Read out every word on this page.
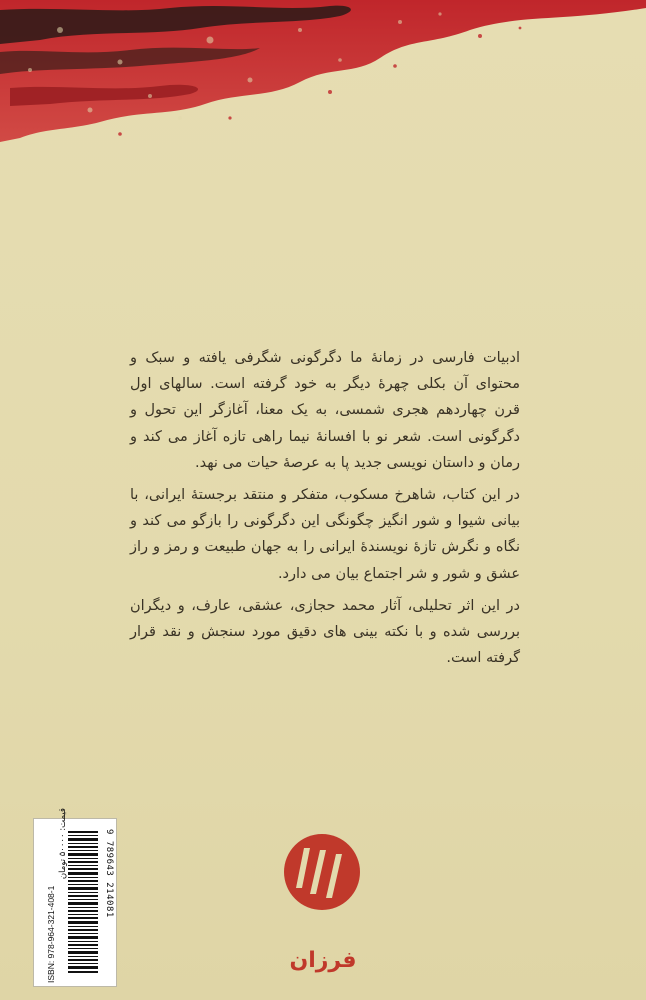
ادبیات فارسی در زمانهٔ ما دگرگونی شگرفی یافته و سبک و محتوای آن بکلی چهرهٔ دیگر به خود گرفته است. سالهای اول قرن چهاردهم هجری شمسی، به یک معنا، آغازگر این تحول و دگرگونی است. شعر نو با افسانهٔ نیما راهی تازه آغاز می کند و رمان و داستان نویسی جدید پا به عرصهٔ حیات می نهد.

در این کتاب، شاهرخ مسکوب، متفکر و منتقد برجستهٔ ایرانی، با بیانی شیوا و شور انگیز چگونگی این دگرگونی را بازگو می کند و نگاه و نگرش تازهٔ نویسندهٔ ایرانی را به جهان طبیعت و رمز و راز عشق و شور و شر اجتماع بیان می دارد.

در این اثر تحلیلی، آثار محمد حجازی، عشقی، عارف، و دیگران بررسی شده و با نکته بینی های دقیق مورد سنجش و نقد قرار گرفته است.

ISBN: 978-964-321-408-1
قیمت: ۵۰۰۰۰ تومان
9 789643 214081
فرزان
